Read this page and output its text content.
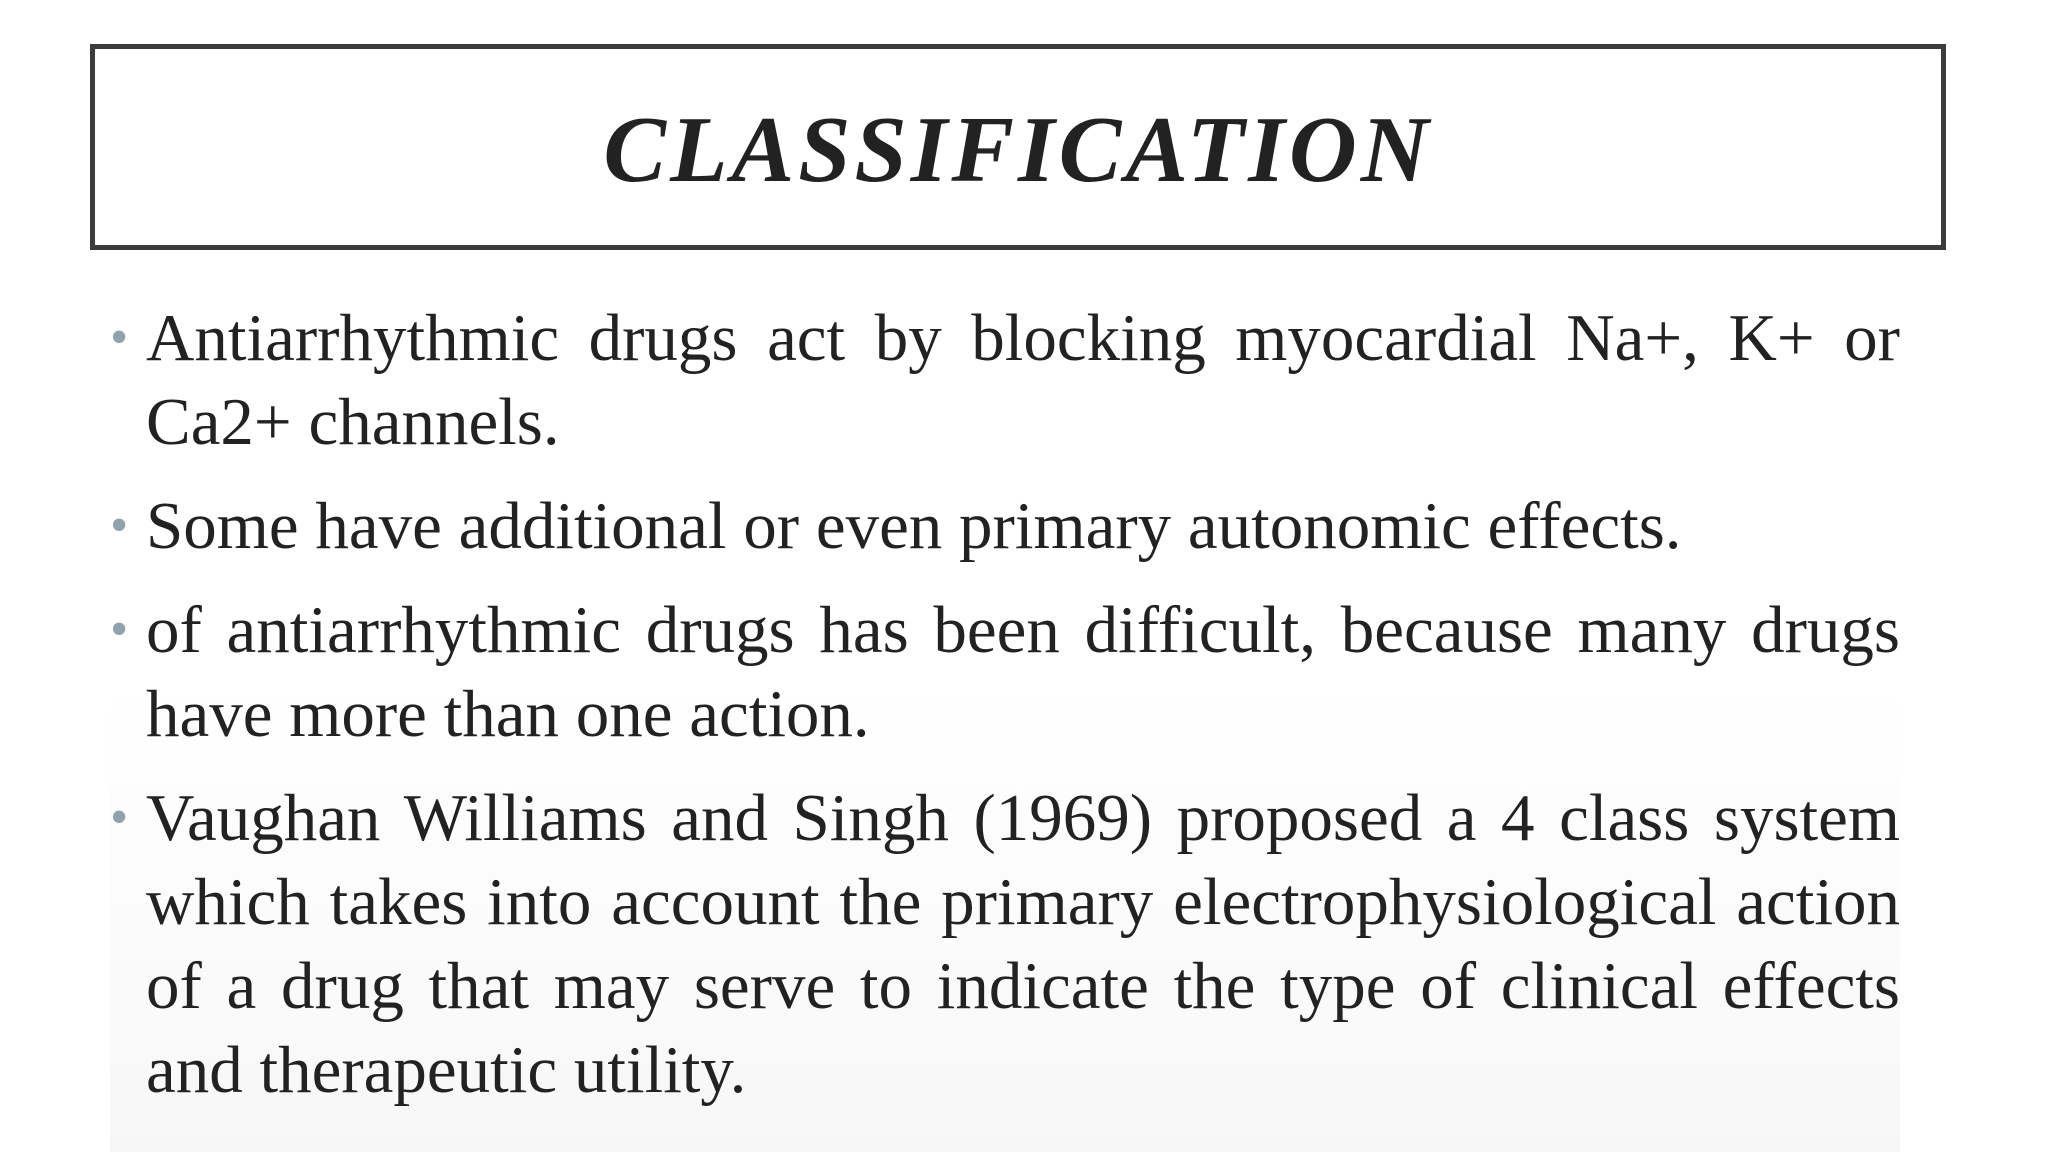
CLASSIFICATION
• Antiarrhythmic drugs act by blocking myocardial Na+, K+ or Ca2+ channels.
• Some have additional or even primary autonomic effects.
• of antiarrhythmic drugs has been difficult, because many drugs have more than one action.
• Vaughan Williams and Singh (1969) proposed a 4 class system which takes into account the primary electrophysiological action of a drug that may serve to indicate the type of clinical effects and therapeutic utility.
